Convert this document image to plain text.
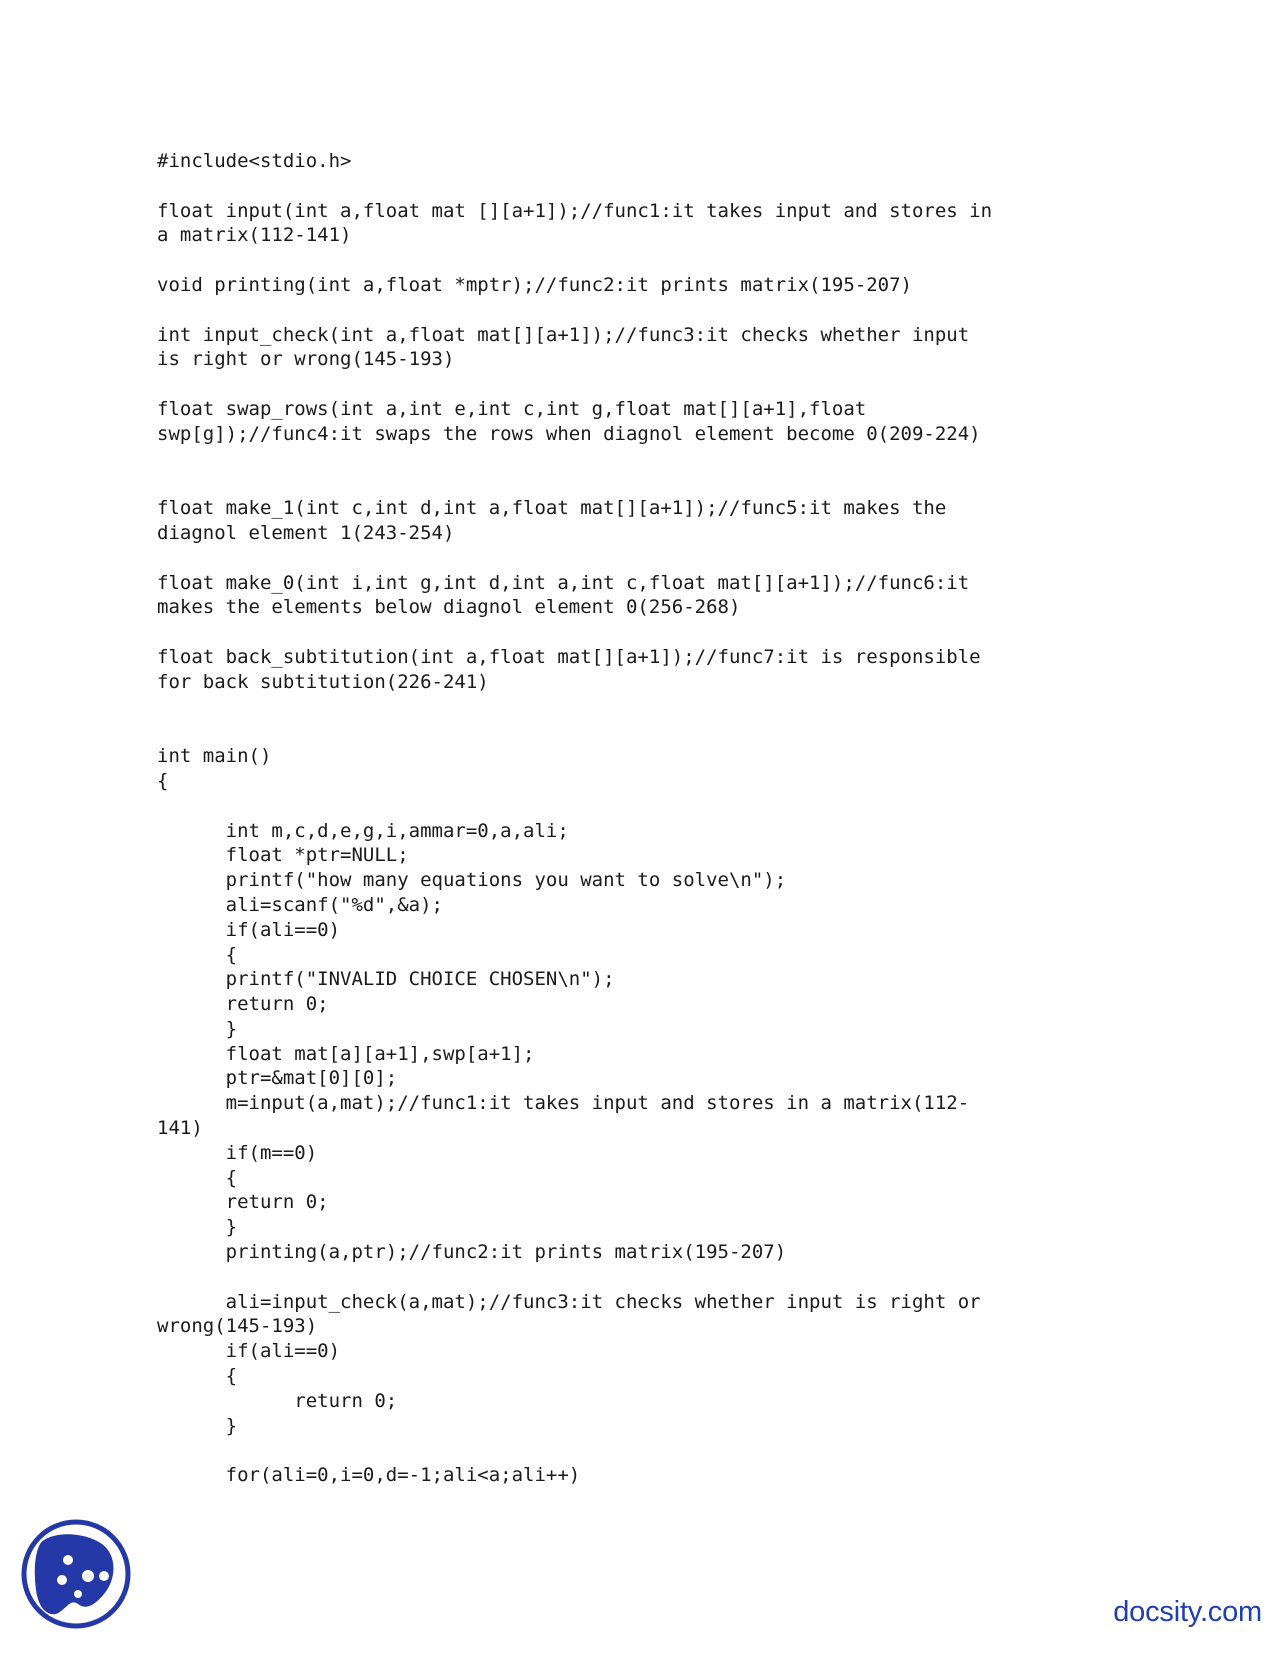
#include<stdio.h>

float input(int a,float mat [][a+1]);//func1:it takes input and stores in
a matrix(112-141)

void printing(int a,float *mptr);//func2:it prints matrix(195-207)

int input_check(int a,float mat[][a+1]);//func3:it checks whether input
is right or wrong(145-193)

float swap_rows(int a,int e,int c,int g,float mat[][a+1],float
swp[g]);//func4:it swaps the rows when diagnol element become 0(209-224)

float make_1(int c,int d,int a,float mat[][a+1]);//func5:it makes the
diagnol element 1(243-254)

float make_0(int i,int g,int d,int a,int c,float mat[][a+1]);//func6:it
makes the elements below diagnol element 0(256-268)

float back_subtitution(int a,float mat[][a+1]);//func7:it is responsible
for back subtitution(226-241)

int main()
{

int m,c,d,e,g,i,ammar=0,a,ali;
float *ptr=NULL;
printf("how many equations you want to solve\n");
ali=scanf("%d",&a);
if(ali==0)
{
printf("INVALID CHOICE CHOSEN\n");
return 0;
}
float mat[a][a+1],swp[a+1];
ptr=&mat[0][0];
m=input(a,mat);//func1:it takes input and stores in a matrix(112-
141)
if(m==0)
{
return 0;
}
printing(a,ptr);//func2:it prints matrix(195-207)

ali=input_check(a,mat);//func3:it checks whether input is right or
wrong(145-193)
if(ali==0)
{
return 0;
}

for(ali=0,i=0,d=-1;ali<a;ali++)
docsity.com
